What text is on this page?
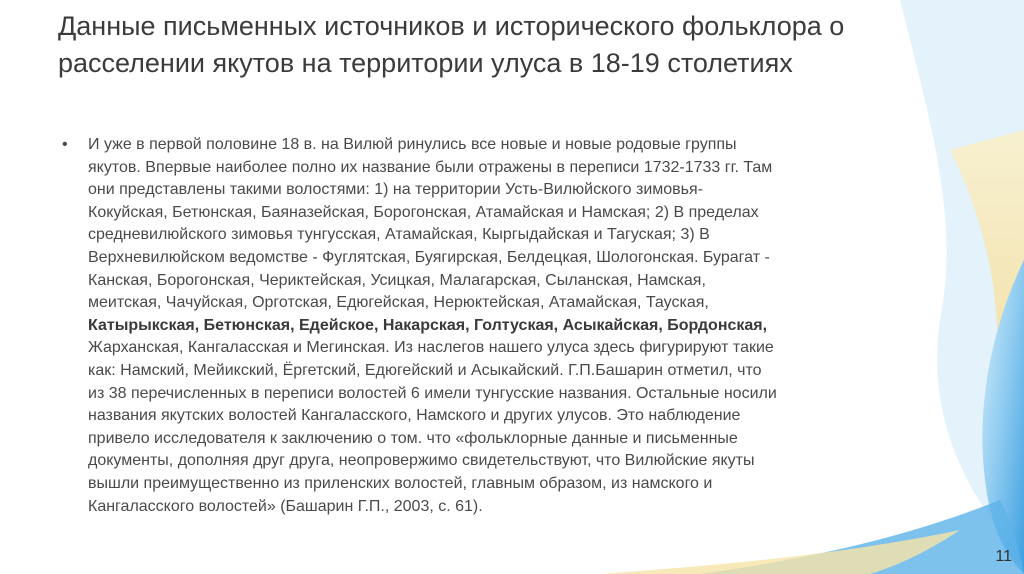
Данные письменных источников и исторического фольклора о расселении якутов на территории улуса в 18-19 столетиях
•	И уже в первой половине 18 в. на Вилюй ринулись все новые и новые родовые группы
якутов. Впервые наиболее полно их название были отражены в переписи 1732-1733 гг. Там
они представлены такими волостями: 1) на территории Усть-Вилюйского зимовья-
Кокуйская, Бетюнская, Баяназейская, Борогонская, Атамайская и Намская; 2) В пределах
средневилюйского зимовья тунгусская, Атамайская, Кыргыдайская и Тагуская; 3) В
Верхневилюйском ведомстве - Фуглятская, Буягирская, Белдецкая, Шологонская. Бурагат -
Канская, Борогонская, Чериктейская, Усицкая, Малагарская, Сыланская, Намская,
меитская, Чачуйская, Орготская, Едюгейская, Нерюктейская, Атамайская, Тауская,
Катырыкская, Бетюнская, Едейское, Накарская, Голтуская, Асыкайская, Бордонская,
Жарханская, Кангаласская и Мегинская. Из наслегов нашего улуса здесь фигурируют такие
как: Намский, Мейикский, Ёргетский, Едюгейский и Асыкайский. Г.П.Башарин отметил, что
из 38 перечисленных в переписи волостей 6 имели тунгусские названия. Остальные носили
названия якутских волостей Кангаласского, Намского и других улусов. Это наблюдение
привело исследователя к заключению о том. что «фольклорные данные и письменные
документы, дополняя друг друга, неопровержимо свидетельствуют, что Вилюйские якуты
вышли преимущественно из приленских волостей, главным образом, из намского и
Кангаласского волостей» (Башарин Г.П., 2003, с. 61).
11
